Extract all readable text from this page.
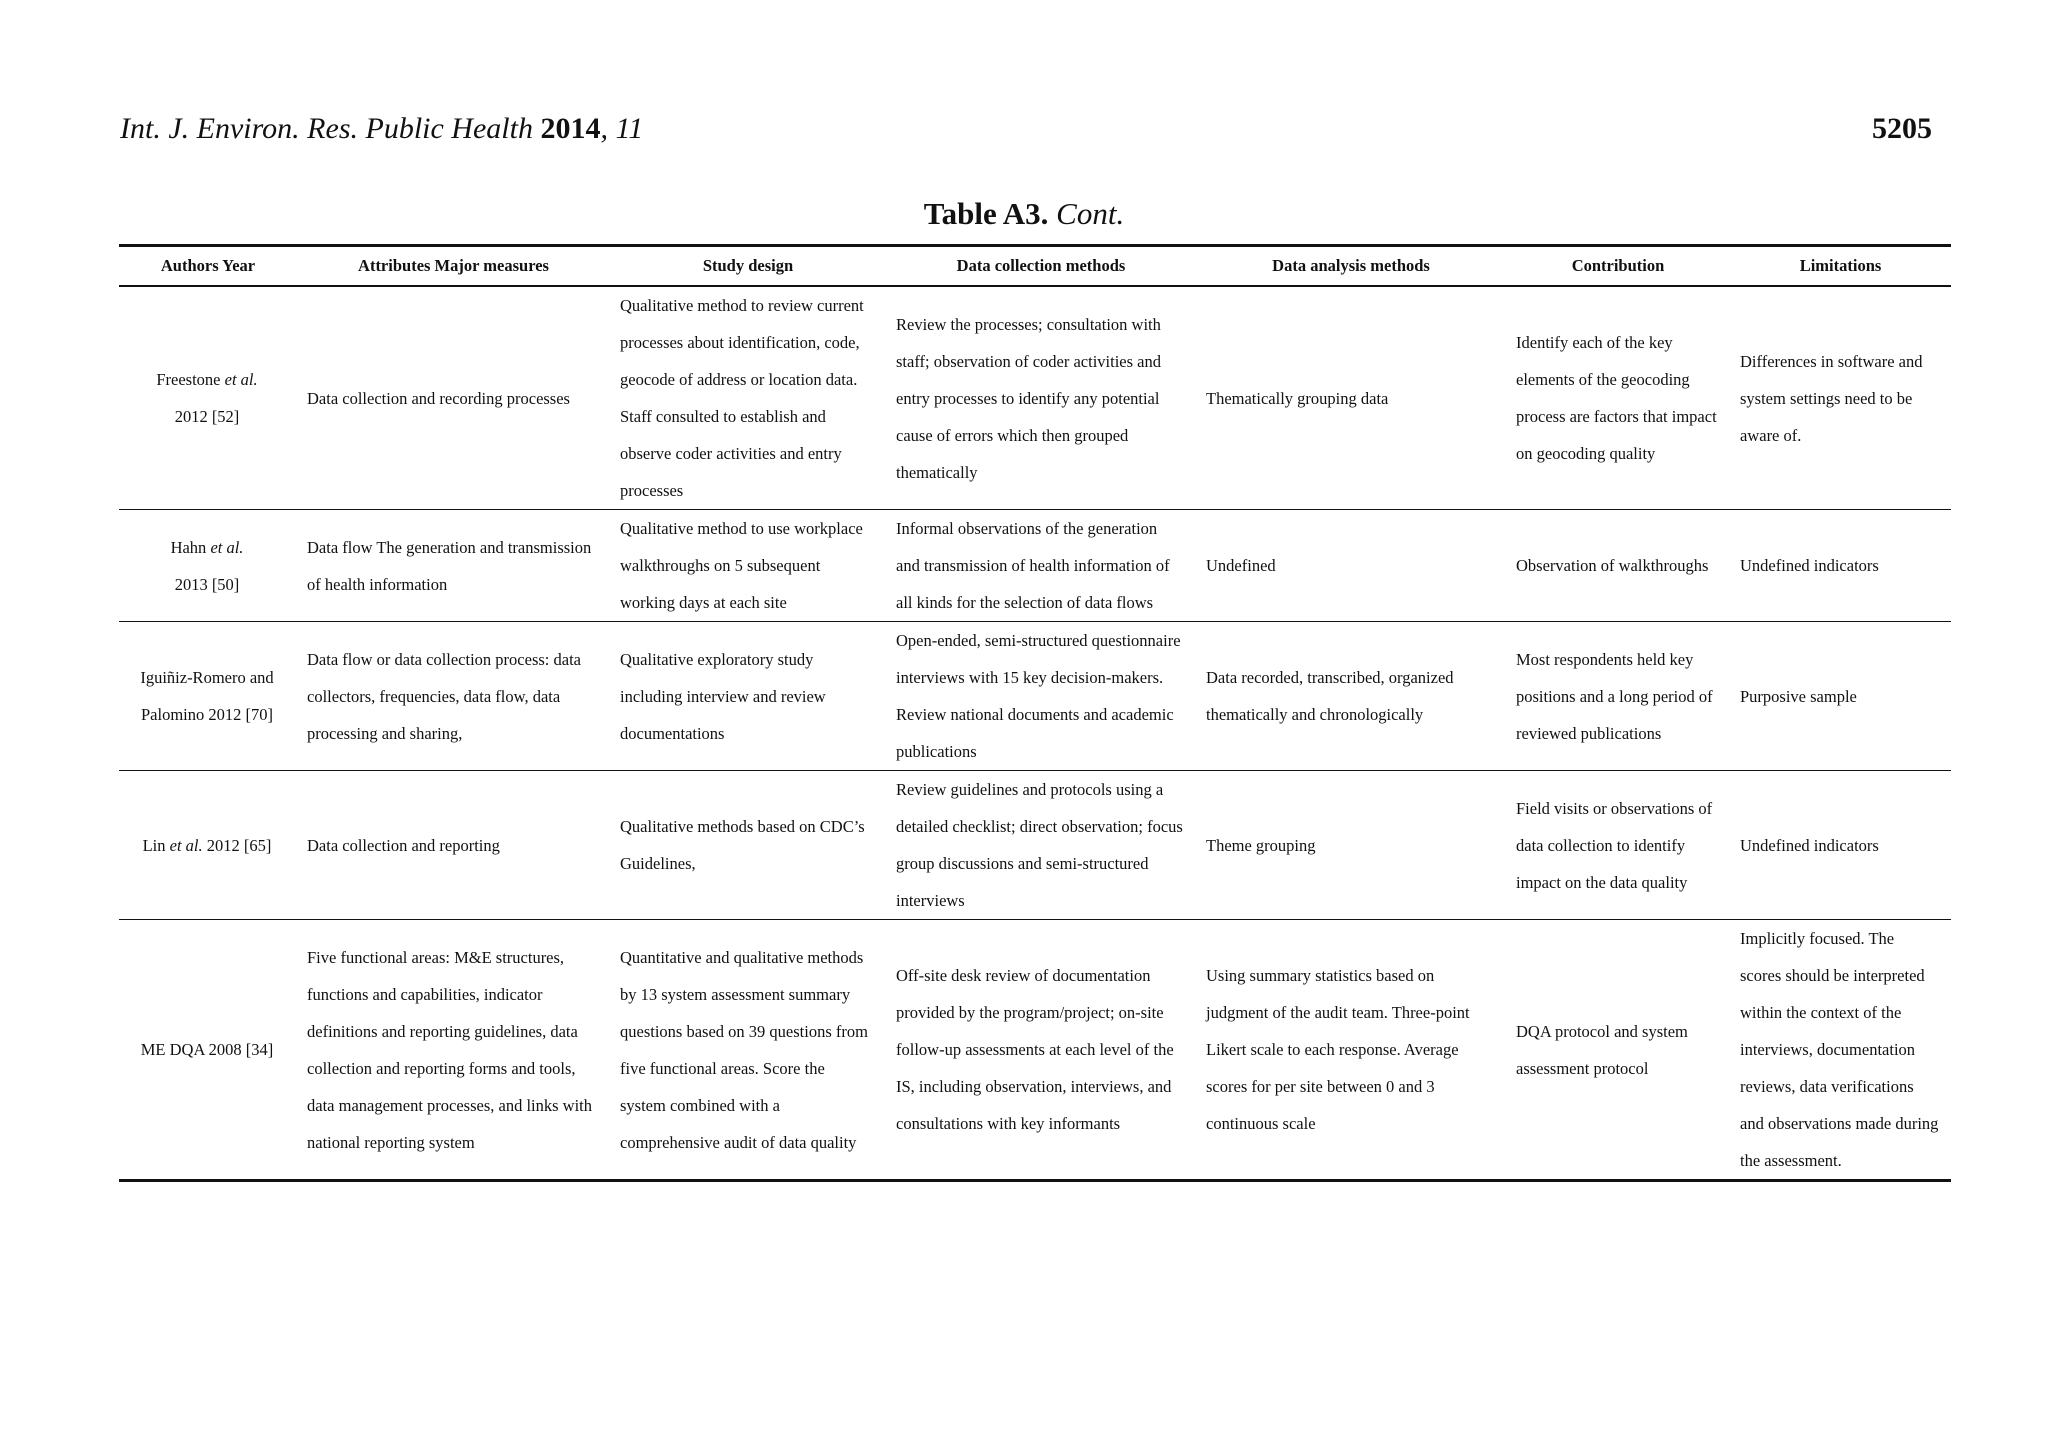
Int. J. Environ. Res. Public Health 2014, 11	5205
Table A3. Cont.
Authors Year	Attributes Major measures	Study design	Data collection methods	Data analysis methods	Contribution	Limitations
Freestone et al.
2012 [52]	Data collection and recording processes	Qualitative method to review current processes about identification, code, geocode of address or location data. Staff consulted to establish and observe coder activities and entry processes	Review the processes; consultation with staff; observation of coder activities and entry processes to identify any potential cause of errors which then grouped thematically	Thematically grouping data	Identify each of the key elements of the geocoding process are factors that impact on geocoding quality	Differences in software and system settings need to be aware of.
Hahn et al.
2013 [50]	Data flow The generation and transmission of health information	Qualitative method to use workplace walkthroughs on 5 subsequent working days at each site	Informal observations of the generation and transmission of health information of all kinds for the selection of data flows	Undefined	Observation of walkthroughs	Undefined indicators
Iguiñiz-Romero and
Palomino 2012 [70]	Data flow or data collection process: data collectors, frequencies, data flow, data processing and sharing,	Qualitative exploratory study including interview and review documentations	Open-ended, semi-structured questionnaire interviews with 15 key decision-makers. Review national documents and academic publications	Data recorded, transcribed, organized thematically and chronologically	Most respondents held key positions and a long period of reviewed publications	Purposive sample
Lin et al. 2012 [65]	Data collection and reporting	Qualitative methods based on CDC’s Guidelines,	Review guidelines and protocols using a detailed checklist; direct observation; focus group discussions and semi-structured interviews	Theme grouping	Field visits or observations of data collection to identify impact on the data quality	Undefined indicators
ME DQA 2008 [34]	Five functional areas: M&E structures, functions and capabilities, indicator definitions and reporting guidelines, data collection and reporting forms and tools, data management processes, and links with national reporting system	Quantitative and qualitative methods by 13 system assessment summary questions based on 39 questions from five functional areas. Score the system combined with a comprehensive audit of data quality	Off-site desk review of documentation provided by the program/project; on-site follow-up assessments at each level of the IS, including observation, interviews, and consultations with key informants	Using summary statistics based on judgment of the audit team. Three-point Likert scale to each response. Average scores for per site between 0 and 3 continuous scale	DQA protocol and system assessment protocol	Implicitly focused. The scores should be interpreted within the context of the interviews, documentation reviews, data verifications and observations made during the assessment.
